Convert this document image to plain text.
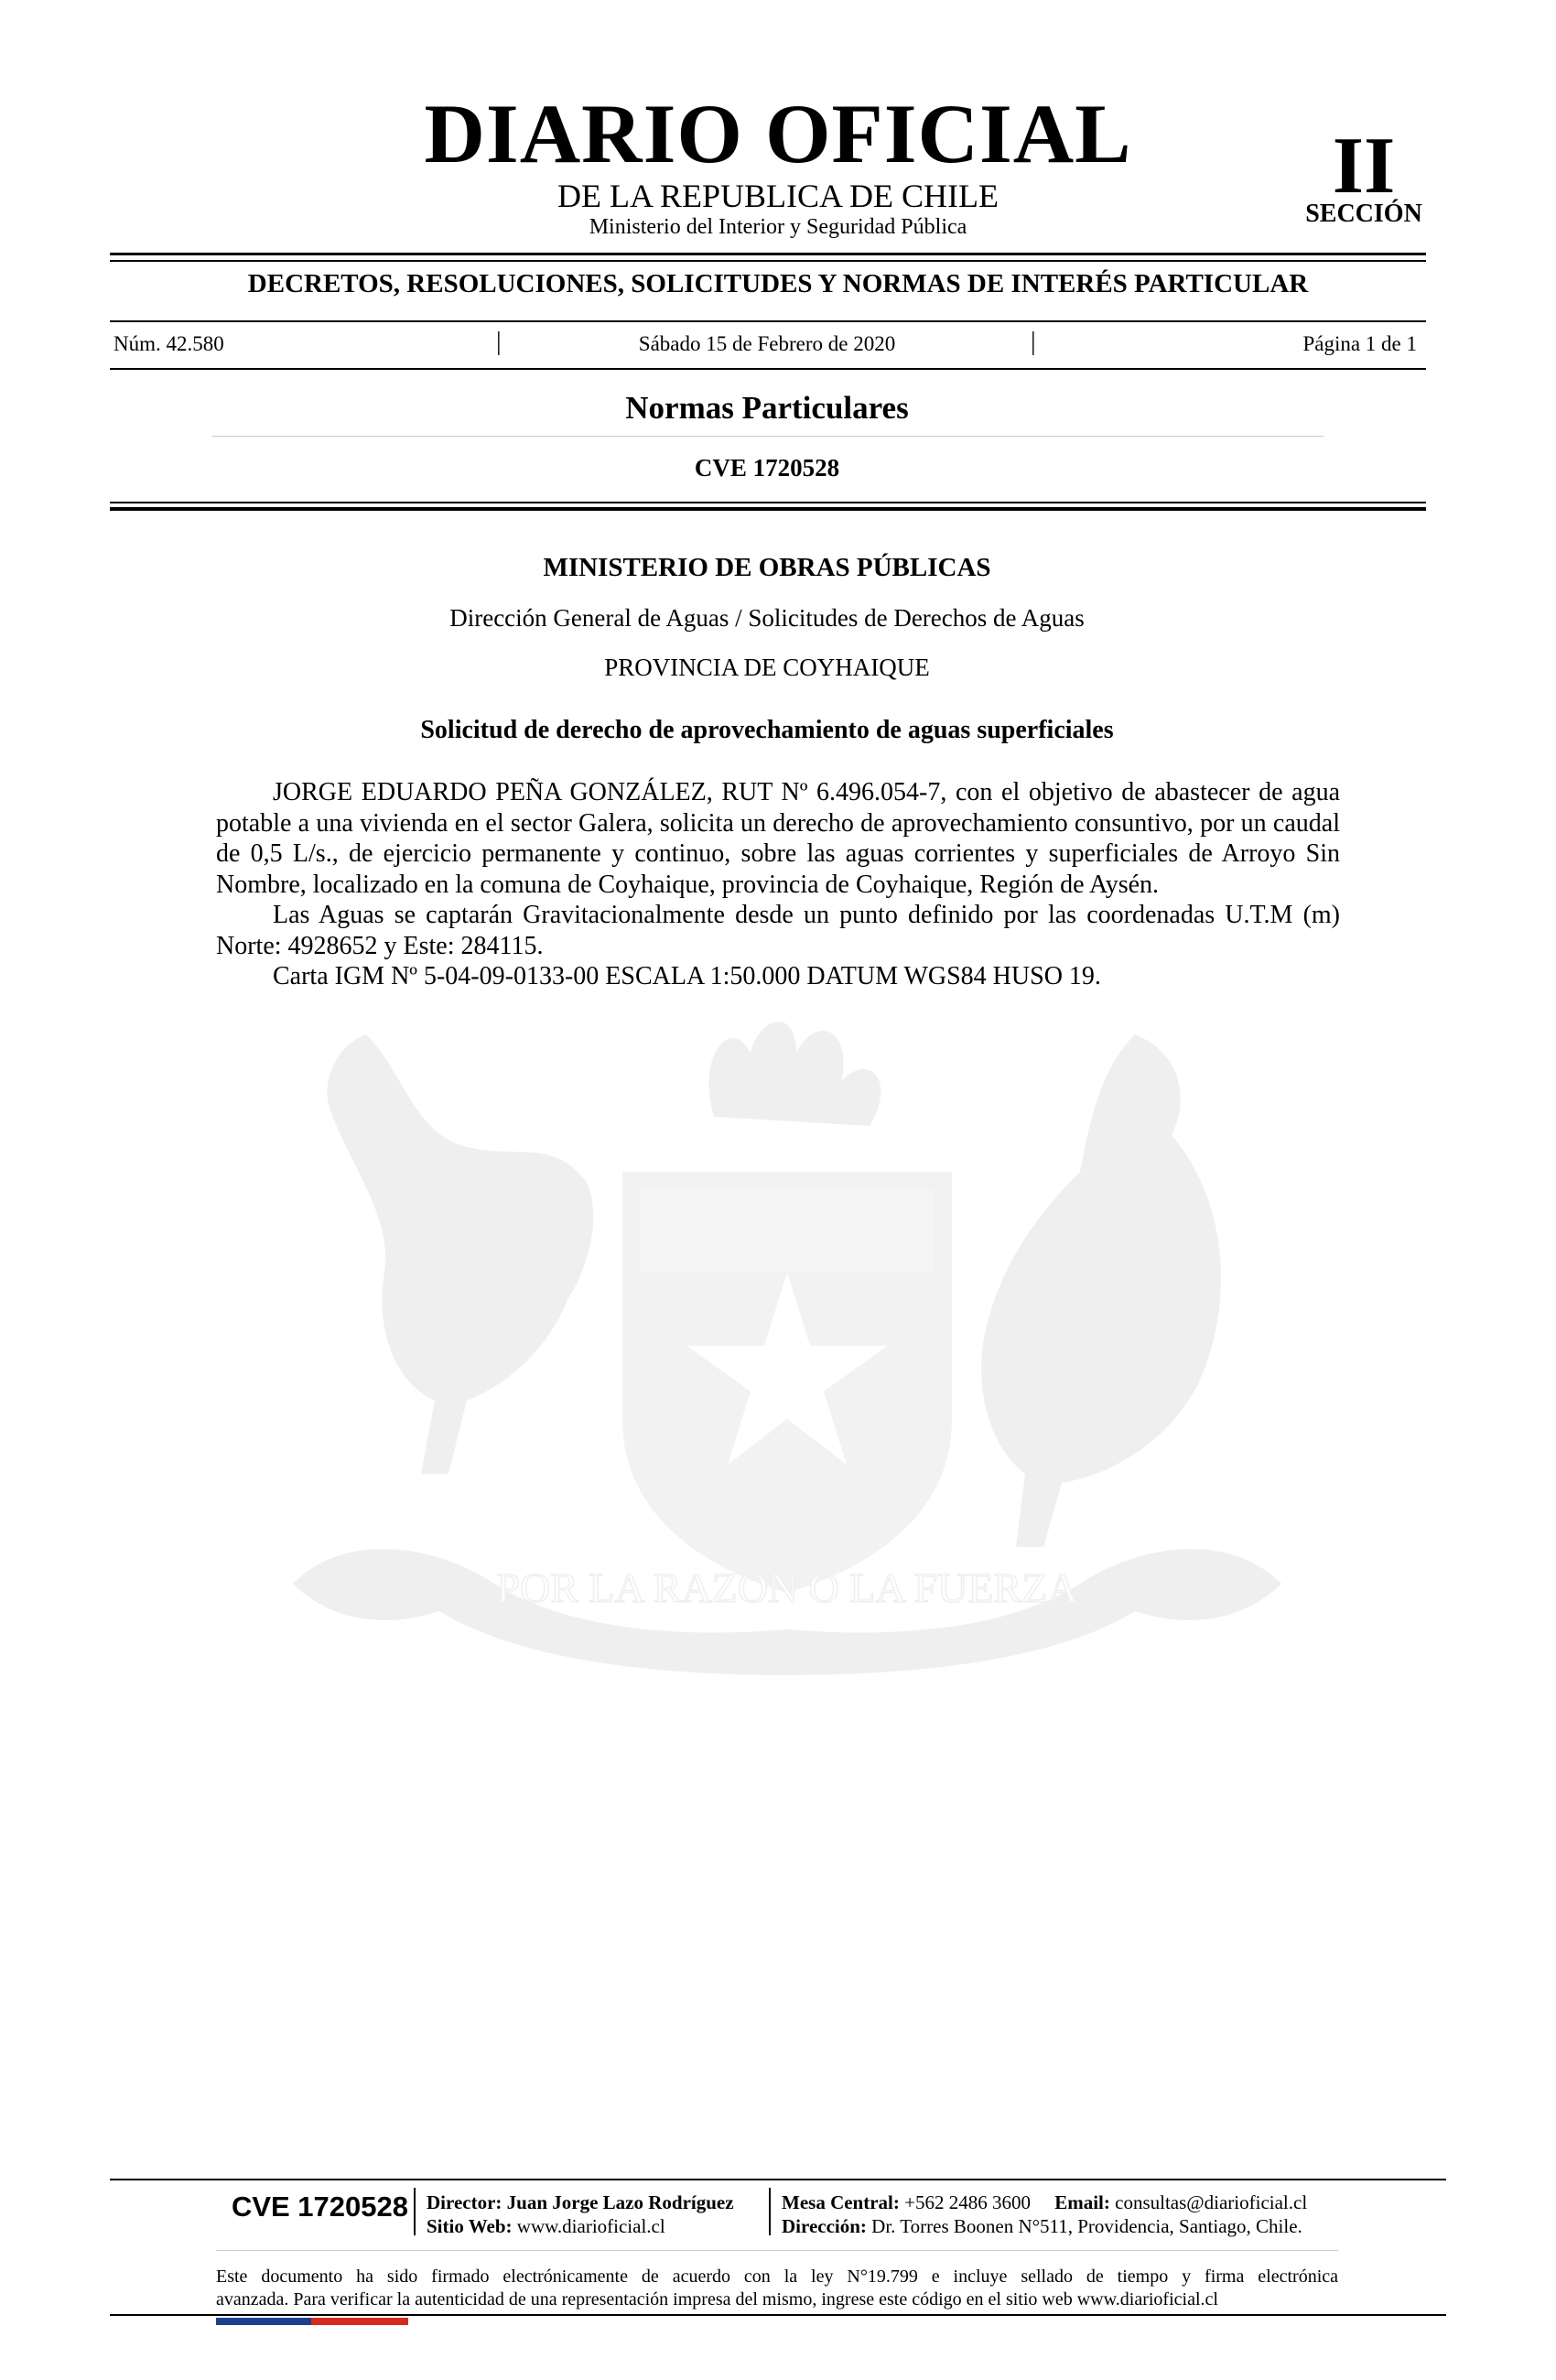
DIARIO OFICIAL
DE LA REPUBLICA DE CHILE
Ministerio del Interior y Seguridad Pública
II
SECCIÓN
DECRETOS, RESOLUCIONES, SOLICITUDES Y NORMAS DE INTERÉS PARTICULAR
Núm. 42.580	|	Sábado 15 de Febrero de 2020	|	Página 1 de 1
Normas Particulares
CVE 1720528
POR LA RAZON O LA FUERZA
MINISTERIO DE OBRAS PÚBLICAS
Dirección General de Aguas / Solicitudes de Derechos de Aguas
PROVINCIA DE COYHAIQUE
Solicitud de derecho de aprovechamiento de aguas superficiales

JORGE EDUARDO PEÑA GONZÁLEZ, RUT Nº 6.496.054-7, con el objetivo de abastecer de agua potable a una vivienda en el sector Galera, solicita un derecho de aprovechamiento consuntivo, por un caudal de 0,5 L/s., de ejercicio permanente y continuo, sobre las aguas corrientes y superficiales de Arroyo Sin Nombre, localizado en la comuna de Coyhaique, provincia de Coyhaique, Región de Aysén.

Las Aguas se captarán Gravitacionalmente desde un punto definido por las coordenadas U.T.M (m) Norte: 4928652 y Este: 284115.

Carta IGM Nº 5-04-09-0133-00 ESCALA 1:50.000 DATUM WGS84 HUSO 19.

CVE 1720528 Director: Juan Jorge Lazo Rodríguez
Sitio Web: www.diarioficial.cl
Mesa Central: +562 2486 3600 Email: consultas@diarioficial.cl
Dirección: Dr. Torres Boonen N°511, Providencia, Santiago, Chile.

Este documento ha sido firmado electrónicamente de acuerdo con la ley N°19.799 e incluye sellado de tiempo y firma electrónica

avanzada. Para verificar la autenticidad de una representación impresa del mismo, ingrese este código en el sitio web www.diarioficial.cl
